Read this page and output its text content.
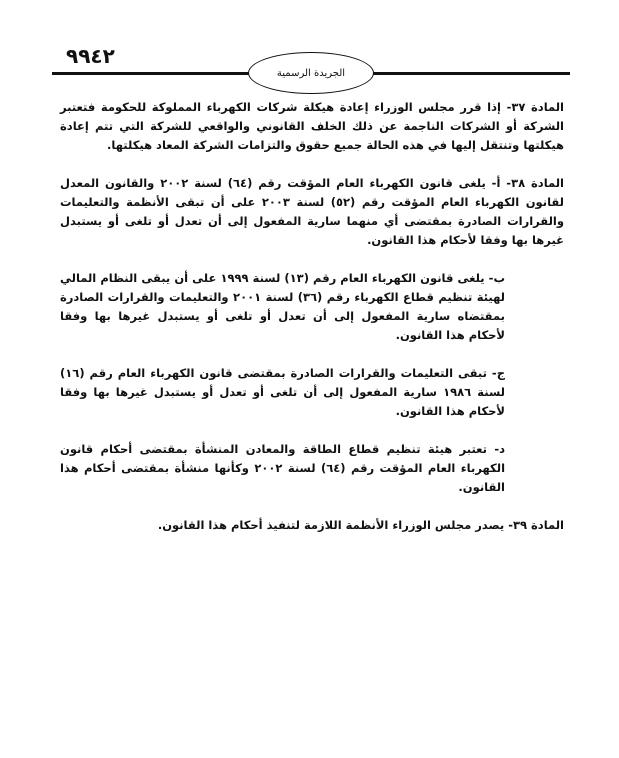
٢٤٩٩
الجريدة الرسمية
المادة ٣٧- إذا قرر مجلس الوزراء إعادة هيكلة شركات الكهرباء المملوكة للحكومة فتعتبر الشركة أو الشركات الناجمة عن ذلك الخلف القانوني والواقعي للشركة التي تتم إعادة هيكلتها وتنتقل إليها في هذه الحالة جميع حقوق والتزامات الشركة المعاد هيكلتها.
المادة ٣٨- أ- يلغى قانون الكهرباء العام المؤقت رقم (٦٤) لسنة ٢٠٠٢ والقانون المعدل لقانون الكهرباء العام المؤقت رقم (٥٢) لسنة ٢٠٠٣ على أن تبقى الأنظمة والتعليمات والقرارات الصادرة بمقتضى أي منهما سارية المفعول إلى أن تعدل أو تلغى أو يستبدل غيرها بها وفقا لأحكام هذا القانون.
ب- يلغى قانون الكهرباء العام رقم (١٣) لسنة ١٩٩٩ على أن يبقى النظام المالي لهيئة تنظيم قطاع الكهرباء رقم (٣٦) لسنة ٢٠٠١ والتعليمات والقرارات الصادرة بمقتضاه سارية المفعول إلى أن تعدل أو تلغى أو يستبدل غيرها بها وفقا لأحكام هذا القانون.
ج- تبقى التعليمات والقرارات الصادرة بمقتضى قانون الكهرباء العام رقم (١٦) لسنة ١٩٨٦ سارية المفعول إلى أن تلغى أو تعدل أو يستبدل غيرها بها وفقا لأحكام هذا القانون.
د- تعتبر هيئة تنظيم قطاع الطاقة والمعادن المنشأة بمقتضى أحكام قانون الكهرباء العام المؤقت رقم (٦٤) لسنة ٢٠٠٢ وكأنها منشأة بمقتضى أحكام هذا القانون.
المادة ٣٩- يصدر مجلس الوزراء الأنظمة اللازمة لتنفيذ أحكام هذا القانون.
